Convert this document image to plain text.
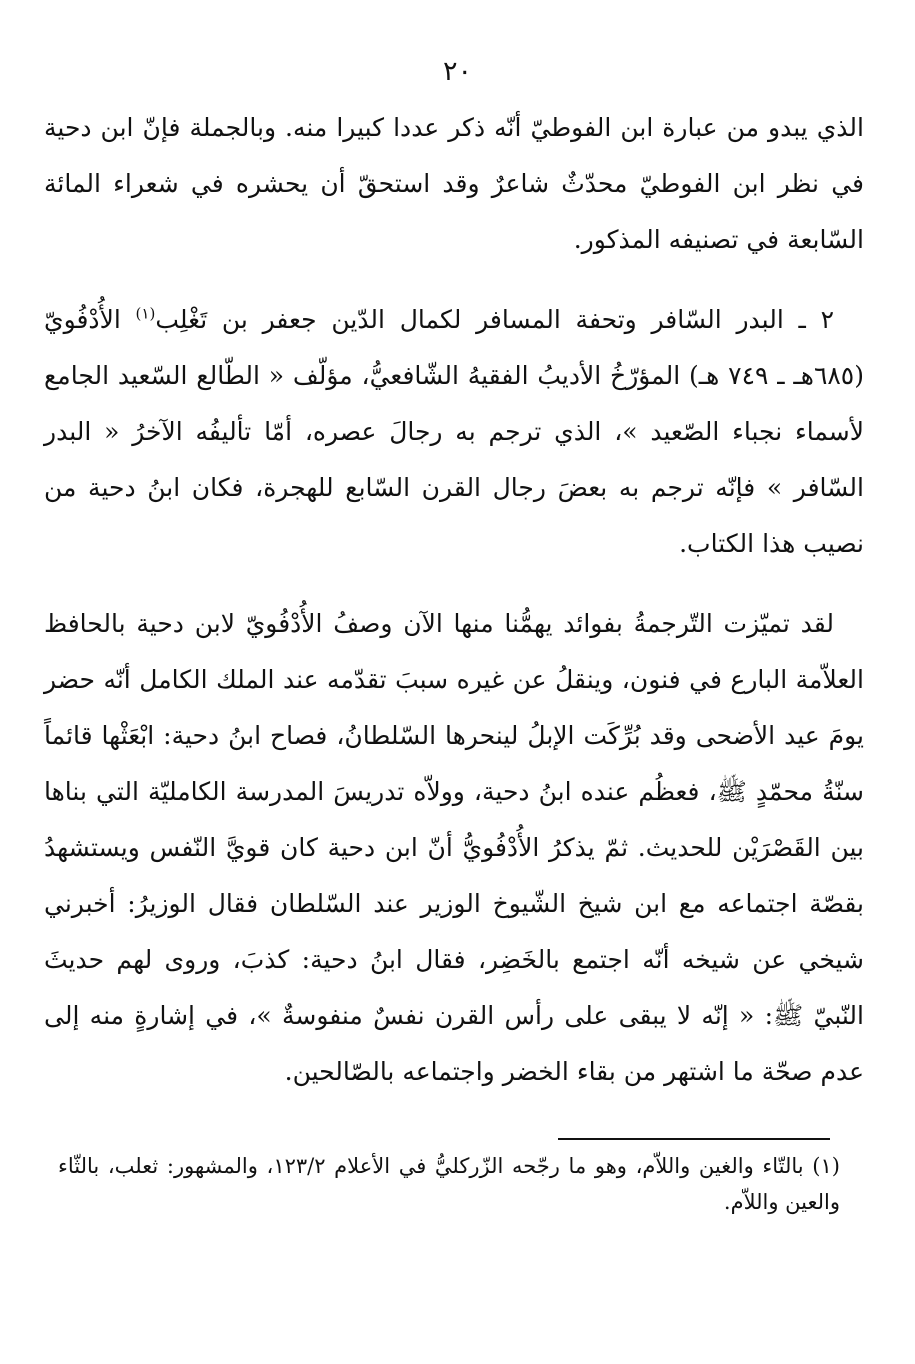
٢٠

الذي يبدو من عبارة ابن الفوطيّ أنّه ذكر عددا كبيرا منه. وبالجملة فإنّ ابن دحية في نظر ابن الفوطيّ محدّثٌ شاعرٌ وقد استحقّ أن يحشره في شعراء المائة السّابعة في تصنيفه المذكور.

٢ ـ البدر السّافر وتحفة المسافر لكمال الدّين جعفر بن تَغْلِب$^{(١)}$ الأُدْفُويّ (٦٨٥هـ ـ ٧٤٩ هـ) المؤرّخُ الأديبُ الفقيهُ الشّافعيُّ، مؤلّف « الطّالع السّعيد الجامع لأسماء نجباء الصّعيد »، الذي ترجم به رجالَ عصره، أمّا تأليفُه الآخرُ « البدر السّافر » فإنّه ترجم به بعضَ رجال القرن السّابع للهجرة، فكان ابنُ دحية من نصيب هذا الكتاب.

لقد تميّزت التّرجمةُ بفوائد يهمُّنا منها الآن وصفُ الأُدْفُويّ لابن دحية بالحافظ العلاّمة البارع في فنون، وينقلُ عن غيره سببَ تقدّمه عند الملك الكامل أنّه حضر يومَ عيد الأضحى وقد بُرِّكَت الإبلُ لينحرها السّلطانُ، فصاح ابنُ دحية: ابْعَثْها قائماً سنّةُ محمّدٍ ﷺ، فعظُم عنده ابنُ دحية، وولاّه تدريسَ المدرسة الكامليّة التي بناها بين القَصْرَيْن للحديث. ثمّ يذكرُ الأُدْفُويُّ أنّ ابن دحية كان قويَّ النّفس ويستشهدُ بقصّة اجتماعه مع ابن شيخ الشّيوخ الوزير عند السّلطان فقال الوزيرُ: أخبرني شيخي عن شيخه أنّه اجتمع بالخَضِر، فقال ابنُ دحية: كذبَ، وروى لهم حديثَ النّبيّ ﷺ: « إنّه لا يبقى على رأس القرن نفسٌ منفوسةٌ »، في إشارةٍ منه إلى عدم صحّة ما اشتهر من بقاء الخضر واجتماعه بالصّالحين.

(١) بالتّاء والغين واللاّم، وهو ما رجّحه الزّركليُّ في الأعلام ١٢٣/٢، والمشهور: ثعلب، بالثّاء والعين واللاّم.
